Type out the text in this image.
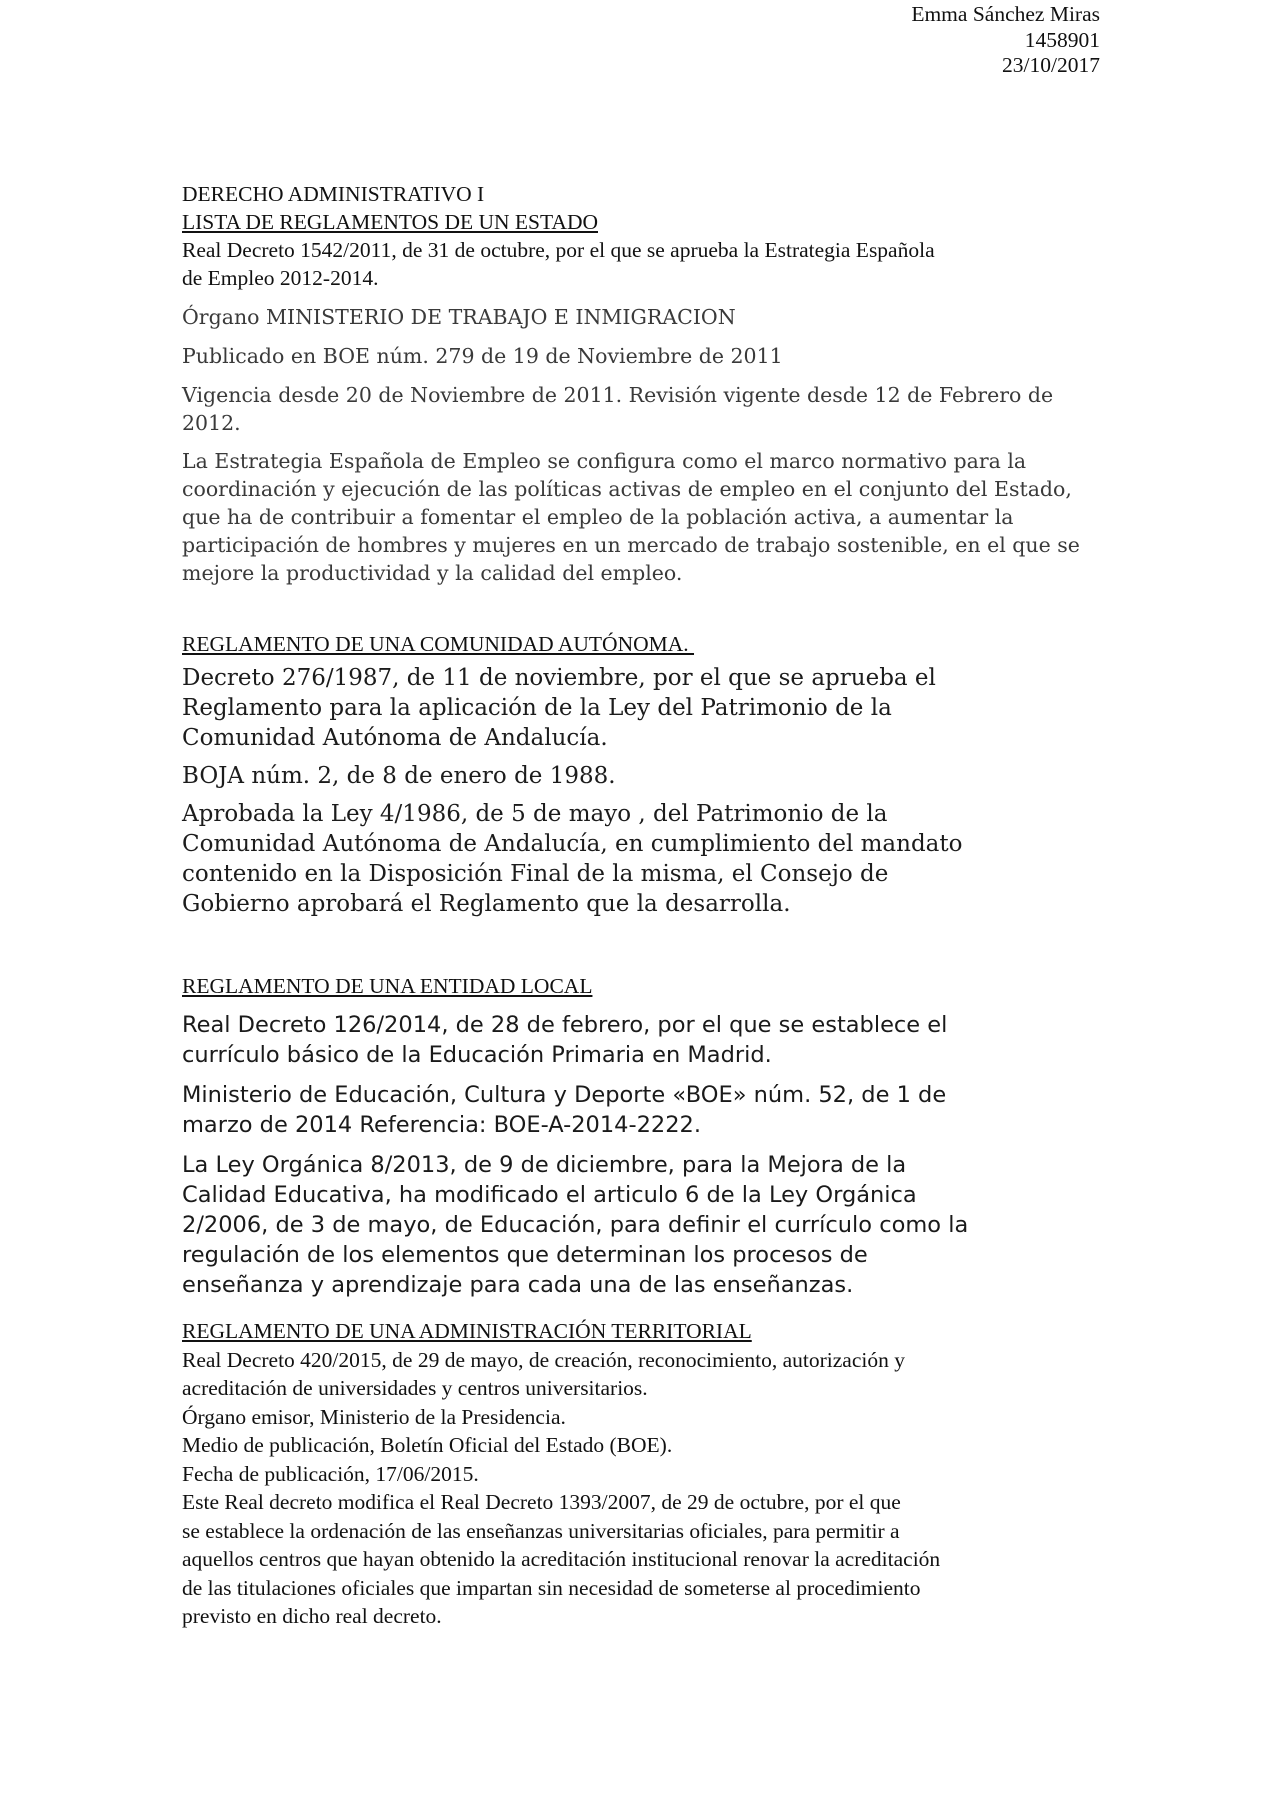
Emma Sánchez Miras
1458901
23/10/2017
DERECHO ADMINISTRATIVO I
LISTA DE REGLAMENTOS DE UN ESTADO
Real Decreto 1542/2011, de 31 de octubre, por el que se aprueba la Estrategia Española
de Empleo 2012-2014.
Órgano MINISTERIO DE TRABAJO E INMIGRACION
Publicado en BOE núm. 279 de 19 de Noviembre de 2011
Vigencia desde 20 de Noviembre de 2011. Revisión vigente desde 12 de Febrero de
2012.
La Estrategia Española de Empleo se configura como el marco normativo para la
coordinación y ejecución de las políticas activas de empleo en el conjunto del Estado,
que ha de contribuir a fomentar el empleo de la población activa, a aumentar la
participación de hombres y mujeres en un mercado de trabajo sostenible, en el que se
mejore la productividad y la calidad del empleo.
REGLAMENTO DE UNA COMUNIDAD AUTÓNOMA.
Decreto 276/1987, de 11 de noviembre, por el que se aprueba el
Reglamento para la aplicación de la Ley del Patrimonio de la
Comunidad Autónoma de Andalucía.
BOJA núm. 2, de 8 de enero de 1988.
Aprobada la Ley 4/1986, de 5 de mayo , del Patrimonio de la
Comunidad Autónoma de Andalucía, en cumplimiento del mandato
contenido en la Disposición Final de la misma, el Consejo de
Gobierno aprobará el Reglamento que la desarrolla.
REGLAMENTO DE UNA ENTIDAD LOCAL
Real Decreto 126/2014, de 28 de febrero, por el que se establece el
currículo básico de la Educación Primaria en Madrid.
Ministerio de Educación, Cultura y Deporte «BOE» núm. 52, de 1 de
marzo de 2014 Referencia: BOE-A-2014-2222.
La Ley Orgánica 8/2013, de 9 de diciembre, para la Mejora de la
Calidad Educativa, ha modificado el articulo 6 de la Ley Orgánica
2/2006, de 3 de mayo, de Educación, para definir el currículo como la
regulación de los elementos que determinan los procesos de
enseñanza y aprendizaje para cada una de las enseñanzas.
REGLAMENTO DE UNA ADMINISTRACIÓN TERRITORIAL
Real Decreto 420/2015, de 29 de mayo, de creación, reconocimiento, autorización y
acreditación de universidades y centros universitarios.
Órgano emisor, Ministerio de la Presidencia.
Medio de publicación, Boletín Oficial del Estado (BOE).
Fecha de publicación, 17/06/2015.
Este Real decreto modifica el Real Decreto 1393/2007, de 29 de octubre, por el que
se establece la ordenación de las enseñanzas universitarias oficiales, para permitir a
aquellos centros que hayan obtenido la acreditación institucional renovar la acreditación
de las titulaciones oficiales que impartan sin necesidad de someterse al procedimiento
previsto en dicho real decreto.
